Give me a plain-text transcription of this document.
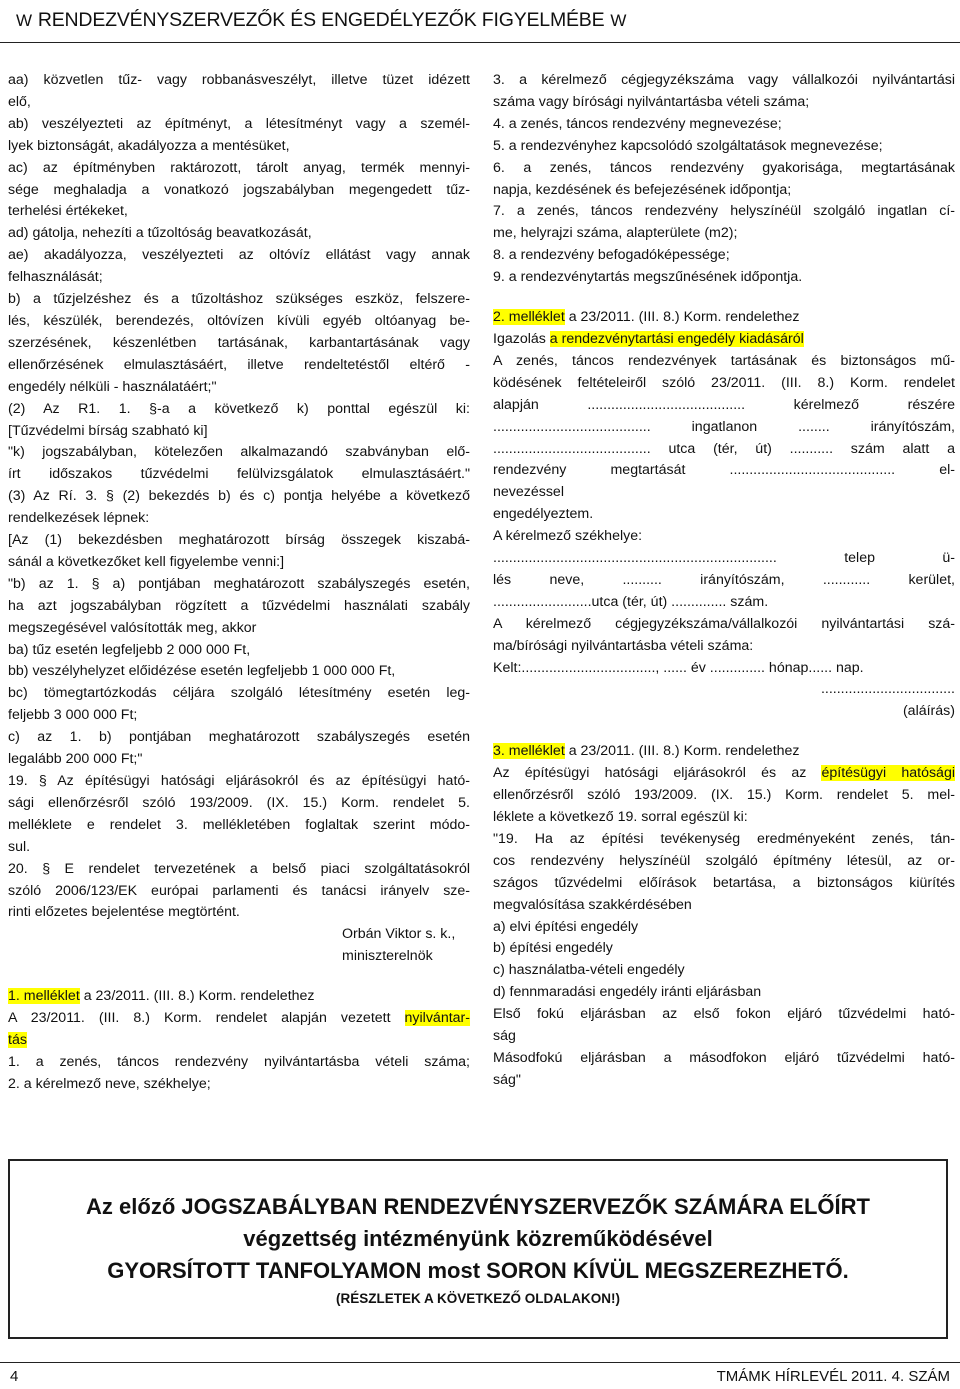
W RENDEZVÉNYSZERVEZŐK ÉS ENGEDÉLYEZŐK FIGYELMÉBE W
aa) közvetlen tűz- vagy robbanásveszélyt, illetve tüzet idézett
elő,
ab) veszélyezteti az építményt, a létesítményt vagy a személ-
lyek biztonságát, akadályozza a mentésüket,
ac) az építményben raktározott, tárolt anyag, termék mennyi-
sége meghaladja a vonatkozó jogszabályban megengedett tűz-
terhelési értékeket,
ad) gátolja, nehezíti a tűzoltóság beavatkozását,
ae) akadályozza, veszélyezteti az oltóvíz ellátást vagy annak
felhasználását;
b) a tűzjelzéshez és a tűzoltáshoz szükséges eszköz, felszere-
lés, készülék, berendezés, oltóvízen kívüli egyéb oltóanyag be-
szerzésének, készenlétben tartásának, karbantartásának vagy
ellenőrzésének elmulasztásáért, illetve rendeltetéstől eltérő -
engedély nélküli - használatáért;"
(2) Az R1. 1. §-a a következő k) ponttal egészül ki:
[Tűzvédelmi bírság szabható ki]
"k) jogszabályban, kötelezően alkalmazandó szabványban elő-
írt időszakos tűzvédelmi felülvizsgálatok elmulasztásáért."
(3) Az Rí. 3. § (2) bekezdés b) és c) pontja helyébe a következő
rendelkezések lépnek:
[Az (1) bekezdésben meghatározott bírság összegek kiszabá-
sánál a következőket kell figyelembe venni:]
"b) az 1. § a) pontjában meghatározott szabályszegés esetén,
ha azt jogszabályban rögzített a tűzvédelmi használati szabály
megszegésével valósították meg, akkor
ba) tűz esetén legfeljebb 2 000 000 Ft,
bb) veszélyhelyzet előidézése esetén legfeljebb 1 000 000 Ft,
bc) tömegtartózkodás céljára szolgáló létesítmény esetén leg-
feljebb 3 000 000 Ft;
c) az 1. b) pontjában meghatározott szabályszegés esetén
legalább 200 000 Ft;"
19. § Az építésügyi hatósági eljárásokról és az építésügyi ható-
sági ellenőrzésről szóló 193/2009. (IX. 15.) Korm. rendelet 5.
melléklete e rendelet 3. mellékletében foglaltak szerint módo-
sul.
20. § E rendelet tervezetének a belső piaci szolgáltatásokról
szóló 2006/123/EK európai parlamenti és tanácsi irányelv sze-
rinti előzetes bejelentése megtörtént.
Orbán Viktor s. k.,
miniszterelnök
1. melléklet a 23/2011. (III. 8.) Korm. rendelethez
A 23/2011. (III. 8.) Korm. rendelet alapján vezetett nyilvántar-
tás
1. a zenés, táncos rendezvény nyilvántartásba vételi száma;
2. a kérelmező neve, székhelye;
3. a kérelmező cégjegyzékszáma vagy vállalkozói nyilvántartási
száma vagy bírósági nyilvántartásba vételi száma;
4. a zenés, táncos rendezvény megnevezése;
5. a rendezvényhez kapcsolódó szolgáltatások megnevezése;
6. a zenés, táncos rendezvény gyakorisága, megtartásának
napja, kezdésének és befejezésének időpontja;
7. a zenés, táncos rendezvény helyszínéül szolgáló ingatlan cí-
me, helyrajzi száma, alapterülete (m2);
8. a rendezvény befogadóképessége;
9. a rendezvénytartás megszűnésének időpontja.
2. melléklet a 23/2011. (III. 8.) Korm. rendelethez
Igazolás a rendezvénytartási engedély kiadásáról
A zenés, táncos rendezvények tartásának és biztonságos mű-
ködésének feltételeiről szóló 23/2011. (III. 8.) Korm. rendelet
alapján ........................................ kérelmező részére
........................................ ingatlanon ........ irányítószám,
........................................ utca (tér, út) ........... szám alatt a
rendezvény megtartását .......................................... el-
nevezéssel
engedélyeztem.
A kérelmező székhelye:
........................................................................ telep ü-
lés neve, .......... irányítószám, ............ kerület,
.........................utca (tér, út) .............. szám.
A kérelmező cégjegyzékszáma/vállalkozói nyilvántartási szá-
ma/bírósági nyilvántartásba vételi száma:
Kelt:.................................., ...... év .............. hónap...... nap.
..................................
(aláírás)
3. melléklet a 23/2011. (III. 8.) Korm. rendelethez
Az építésügyi hatósági eljárásokról és az építésügyi hatósági
ellenőrzésről szóló 193/2009. (IX. 15.) Korm. rendelet 5. mel-
léklete a következő 19. sorral egészül ki:
"19. Ha az építési tevékenység eredményeként zenés, tán-
cos rendezvény helyszínéül szolgáló építmény létesül, az or-
szágos tűzvédelmi előírások betartása, a biztonságos kiürítés
megvalósítása szakkérdésében
a) elvi építési engedély
b) építési engedély
c) használatba-vételi engedély
d) fennmaradási engedély iránti eljárásban
Első fokú eljárásban az első fokon eljáró tűzvédelmi ható-
ság
Másodfokú eljárásban a másodfokon eljáró tűzvédelmi ható-
ság"
Az előző JOGSZABÁLYBAN RENDEZVÉNYSZERVEZŐK SZÁMÁRA ELŐÍRT
végzettség intézményünk közreműködésével
GYORSÍTOTT TANFOLYAMON most SORON KÍVÜL MEGSZEREZHETŐ.
(RÉSZLETEK A KÖVETKEZŐ OLDALAKON!)
4	TMÁMK HÍRLEVÉL 2011. 4. SZÁM
